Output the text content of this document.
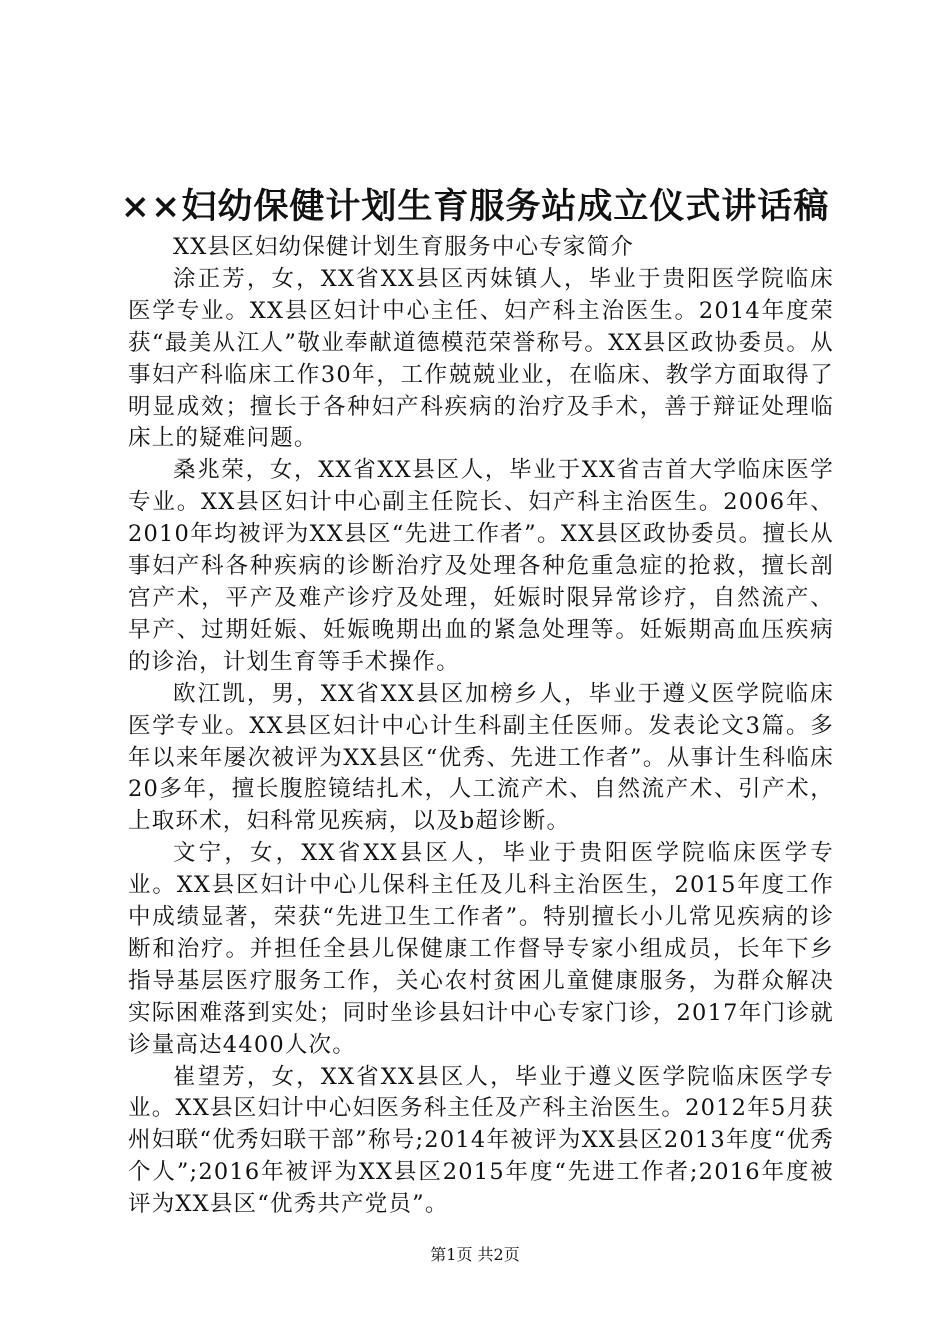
××妇幼保健计划生育服务站成立仪式讲话稿

XX县区妇幼保健计划生育服务中心专家简介

涂正芳，女，XX省XX县区丙妹镇人，毕业于贵阳医学院临床医学专业。XX县区妇计中心主任、妇产科主治医生。2014年度荣获“最美从江人”敬业奉献道德模范荣誉称号。XX县区政协委员。从事妇产科临床工作30年，工作兢兢业业，在临床、教学方面取得了明显成效；擅长于各种妇产科疾病的治疗及手术，善于辩证处理临床上的疑难问题。

桑兆荣，女，XX省XX县区人，毕业于XX省吉首大学临床医学专业。XX县区妇计中心副主任院长、妇产科主治医生。2006年、2010年均被评为XX县区“先进工作者”。XX县区政协委员。擅长从事妇产科各种疾病的诊断治疗及处理各种危重急症的抢救，擅长剖宫产术，平产及难产诊疗及处理，妊娠时限异常诊疗，自然流产、早产、过期妊娠、妊娠晚期出血的紧急处理等。妊娠期高血压疾病的诊治，计划生育等手术操作。

欧江凯，男，XX省XX县区加榜乡人，毕业于遵义医学院临床医学专业。XX县区妇计中心计生科副主任医师。发表论文3篇。多年以来年屡次被评为XX县区“优秀、先进工作者”。从事计生科临床20多年，擅长腹腔镜结扎术，人工流产术、自然流产术、引产术，上取环术，妇科常见疾病，以及b超诊断。

文宁，女，XX省XX县区人，毕业于贵阳医学院临床医学专业。XX县区妇计中心儿保科主任及儿科主治医生，2015年度工作中成绩显著，荣获“先进卫生工作者”。特别擅长小儿常见疾病的诊断和治疗。并担任全县儿保健康工作督导专家小组成员，长年下乡指导基层医疗服务工作，关心农村贫困儿童健康服务，为群众解决实际困难落到实处；同时坐诊县妇计中心专家门诊，2017年门诊就诊量高达4400人次。

崔望芳，女，XX省XX县区人，毕业于遵义医学院临床医学专业。XX县区妇计中心妇医务科主任及产科主治医生。2012年5月获州妇联“优秀妇联干部”称号;2014年被评为XX县区2013年度“优秀个人”;2016年被评为XX县区2015年度“先进工作者;2016年度被评为XX县区“优秀共产党员”。

第1页 共2页
